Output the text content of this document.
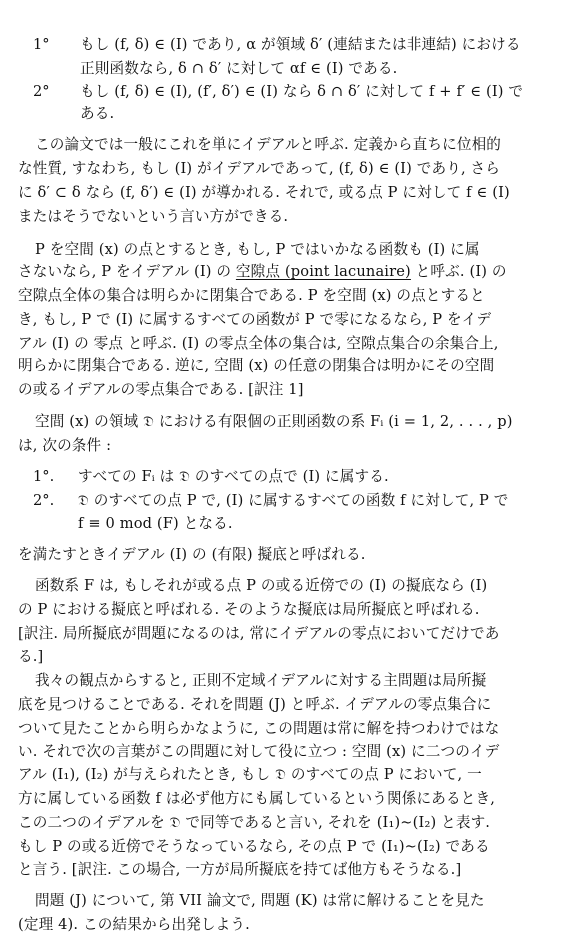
1° もし (f, δ) ∈ (I) であり, α が領域 δ′ (連結または非連結) における
正則函数なら, δ ∩ δ′ に対して αf ∈ (I) である.
2° もし (f, δ) ∈ (I), (f′, δ′) ∈ (I) なら δ ∩ δ′ に対して f + f′ ∈ (I) で
ある.
この論文では一般にこれを単にイデアルと呼ぶ. 定義から直ちに位相的
な性質, すなわち, もし (I) がイデアルであって, (f, δ) ∈ (I) であり, さら
に δ′ ⊂ δ なら (f, δ′) ∈ (I) が導かれる. それで, 或る点 P に対して f ∈ (I)
またはそうでないという言い方ができる.
P を空間 (x) の点とするとき, もし, P ではいかなる函数も (I) に属
さないなら, P をイデアル (I) の 空隙点 (point lacunaire) と呼ぶ. (I) の
空隙点全体の集合は明らかに閉集合である. P を空間 (x) の点とすると
き, もし, P で (I) に属するすべての函数が P で零になるなら, P をイデ
アル (I) の 零点 と呼ぶ. (I) の零点全体の集合は, 空隙点集合の余集合上,
明らかに閉集合である. 逆に, 空間 (x) の任意の閉集合は明かにその空間
の或るイデアルの零点集合である. [訳注 1]
空間 (x) の領域 𝔇 における有限個の正則函数の系 Fᵢ (i = 1, 2, . . . , p)
は, 次の条件 :
1°. すべての Fᵢ は 𝔇 のすべての点で (I) に属する.
2°. 𝔇 のすべての点 P で, (I) に属するすべての函数 f に対して, P で
f ≡ 0 mod (F) となる.
を満たすときイデアル (I) の (有限) 擬底と呼ばれる.
函数系 F は, もしそれが或る点 P の或る近傍での (I) の擬底なら (I)
の P における擬底と呼ばれる. そのような擬底は局所擬底と呼ばれる.
[訳注. 局所擬底が問題になるのは, 常にイデアルの零点においてだけであ
る.]
我々の観点からすると, 正則不定域イデアルに対する主問題は局所擬
底を見つけることである. それを問題 (J) と呼ぶ. イデアルの零点集合に
ついて見たことから明らかなように, この問題は常に解を持つわけではな
い. それで次の言葉がこの問題に対して役に立つ : 空間 (x) に二つのイデ
アル (I₁), (I₂) が与えられたとき, もし 𝔇 のすべての点 P において, 一
方に属している函数 f は必ず他方にも属しているという関係にあるとき,
この二つのイデアルを 𝔇 で同等であると言い, それを (I₁)∼(I₂) と表す.
もし P の或る近傍でそうなっているなら, その点 P で (I₁)∼(I₂) である
と言う. [訳注. この場合, 一方が局所擬底を持てば他方もそうなる.]
問題 (J) について, 第 VII 論文で, 問題 (K) は常に解けることを見た
(定理 4). この結果から出発しよう.
